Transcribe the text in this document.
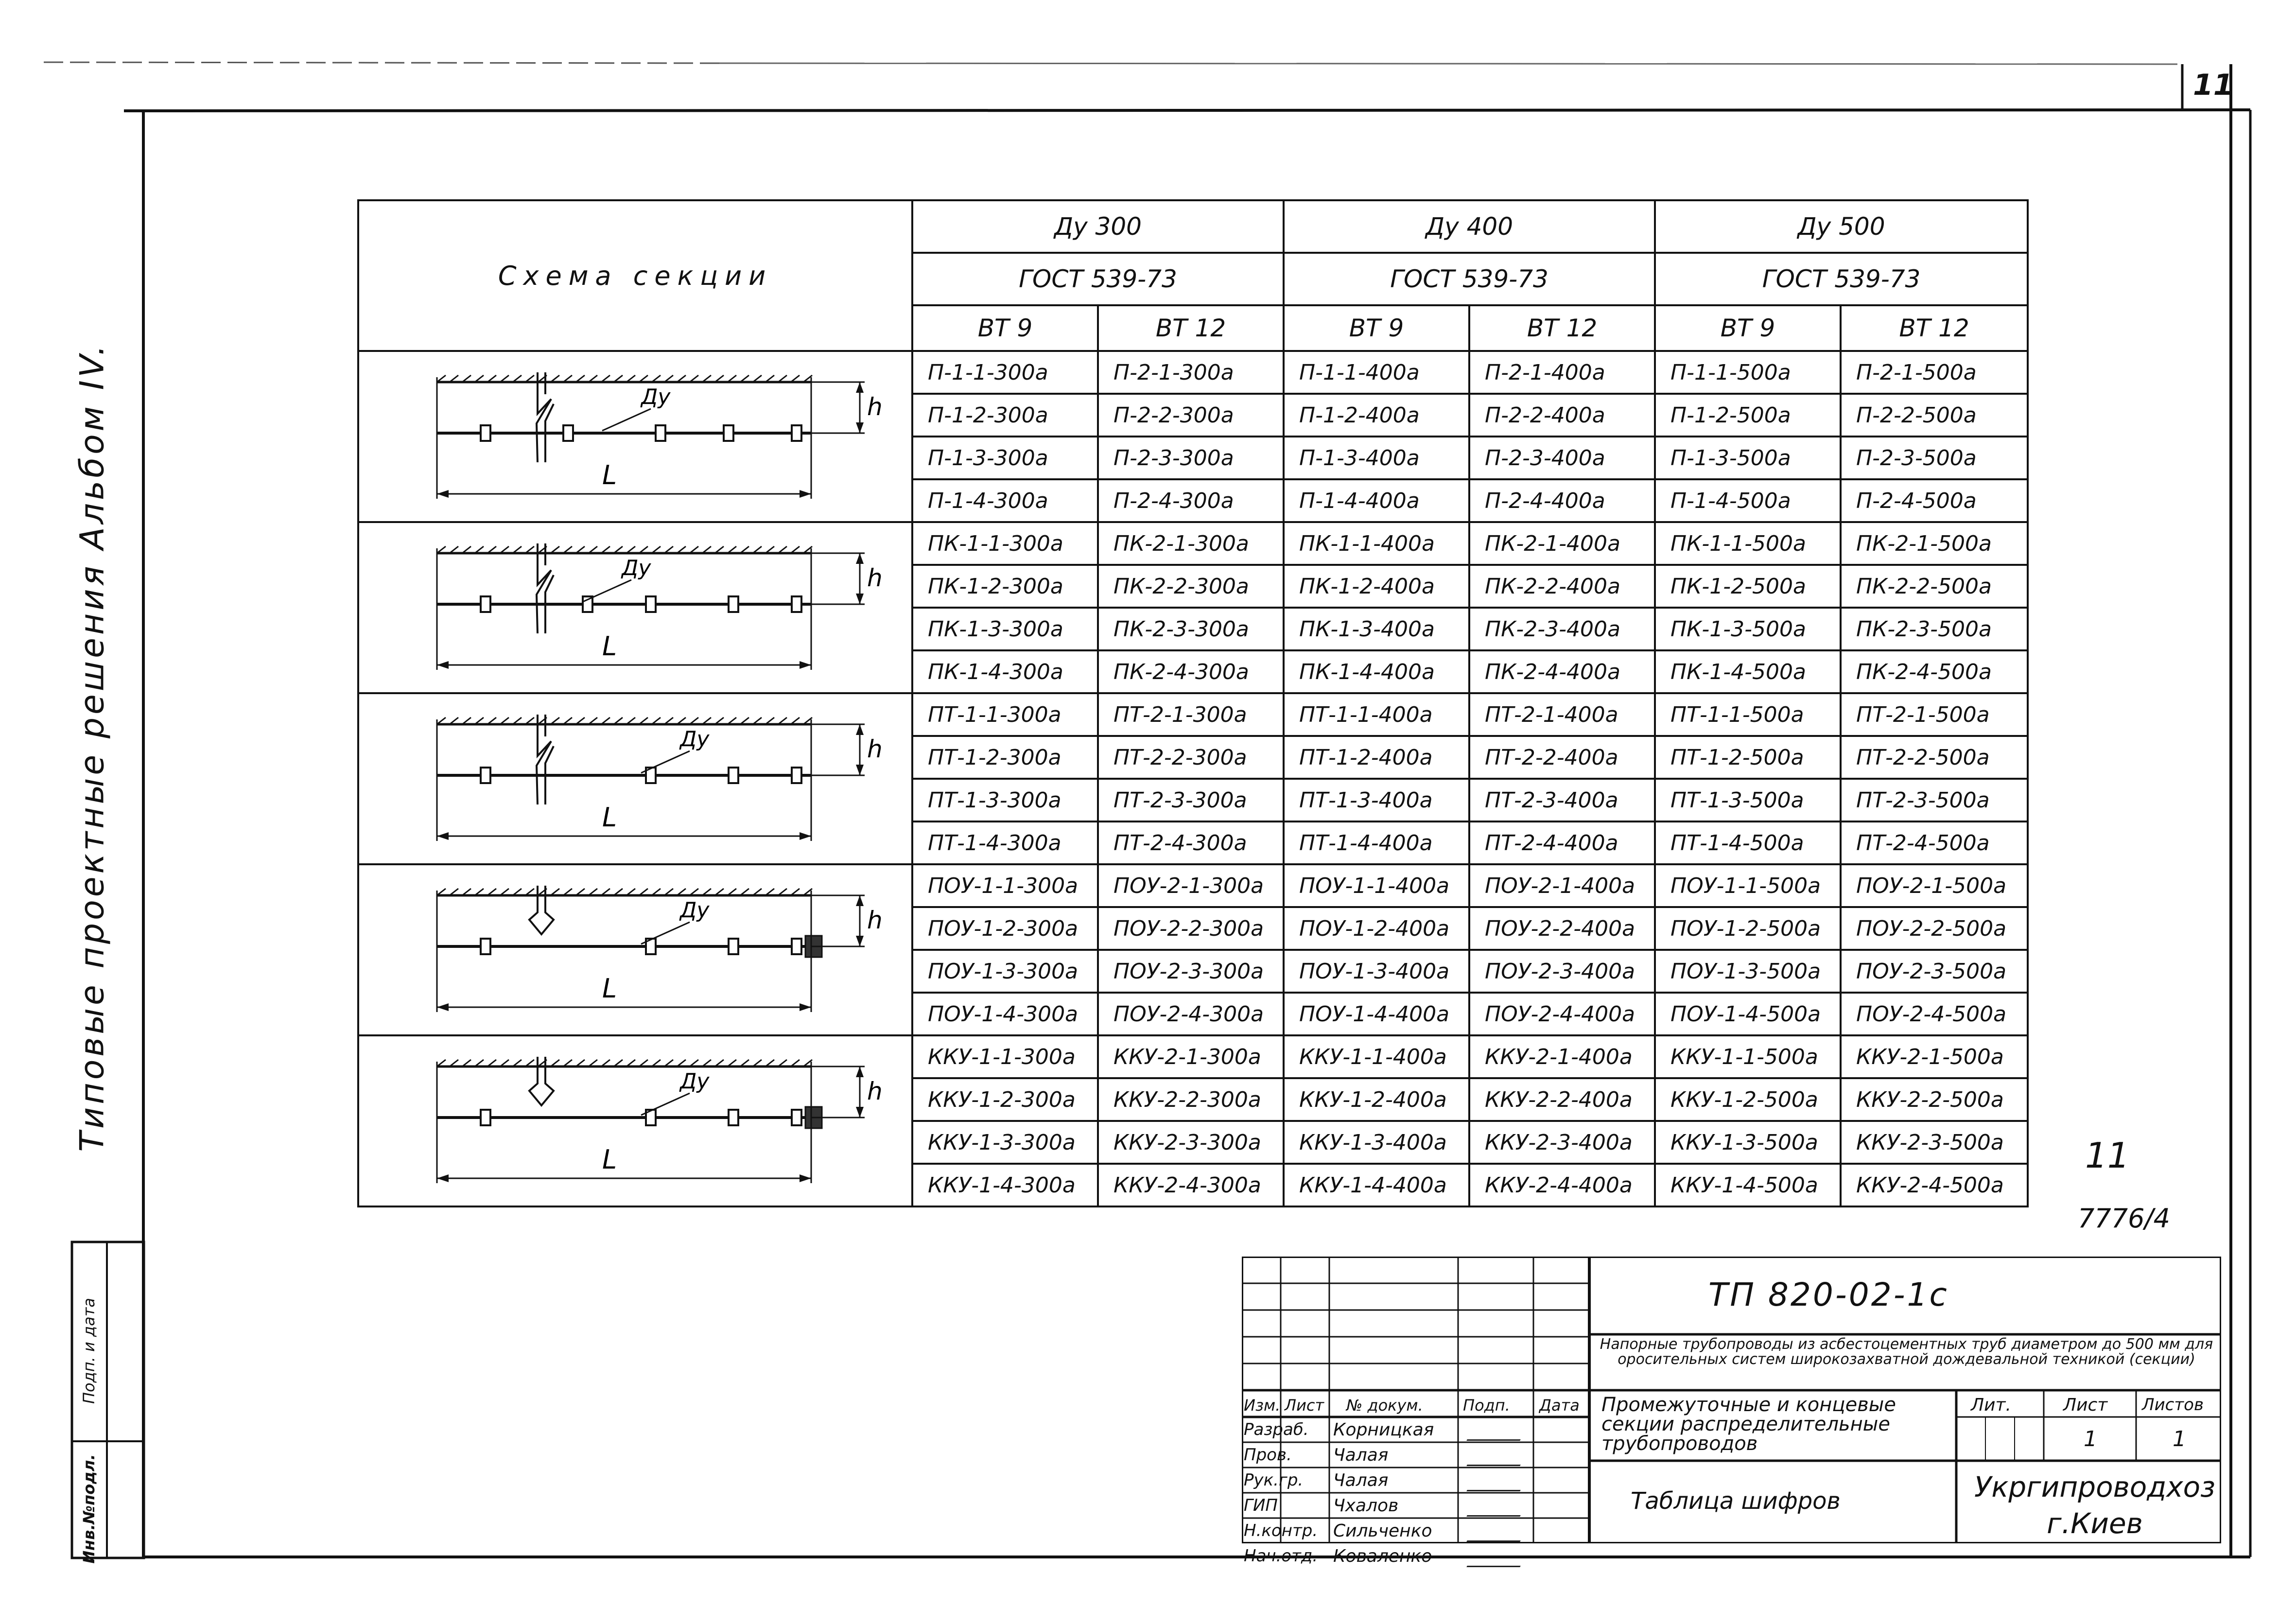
11
Типовые проектные решения Альбом IV.
Инв.№подл.
Подп. и дата
Схема секции	Ду 300		Ду 400		Ду 500	
	ГОСТ 539-73		ГОСТ 539-73		ГОСТ 539-73	
	ВТ 9	ВТ 12	ВТ 9	ВТ 12	ВТ 9	ВТ 12

Ду
L
h	П-1-1-300а	П-2-1-300а	П-1-1-400а	П-2-1-400а	П-1-1-500а	П-2-1-500а
	П-1-2-300а	П-2-2-300а	П-1-2-400а	П-2-2-400а	П-1-2-500а	П-2-2-500а
	П-1-3-300а	П-2-3-300а	П-1-3-400а	П-2-3-400а	П-1-3-500а	П-2-3-500а
	П-1-4-300а	П-2-4-300а	П-1-4-400а	П-2-4-400а	П-1-4-500а	П-2-4-500а

Ду
L
h	ПК-1-1-300а	ПК-2-1-300а	ПК-1-1-400а	ПК-2-1-400а	ПК-1-1-500а	ПК-2-1-500а
	ПК-1-2-300а	ПК-2-2-300а	ПК-1-2-400а	ПК-2-2-400а	ПК-1-2-500а	ПК-2-2-500а
	ПК-1-3-300а	ПК-2-3-300а	ПК-1-3-400а	ПК-2-3-400а	ПК-1-3-500а	ПК-2-3-500а
	ПК-1-4-300а	ПК-2-4-300а	ПК-1-4-400а	ПК-2-4-400а	ПК-1-4-500а	ПК-2-4-500а

Ду
L
h	ПТ-1-1-300а	ПТ-2-1-300а	ПТ-1-1-400а	ПТ-2-1-400а	ПТ-1-1-500а	ПТ-2-1-500а
	ПТ-1-2-300а	ПТ-2-2-300а	ПТ-1-2-400а	ПТ-2-2-400а	ПТ-1-2-500а	ПТ-2-2-500а
	ПТ-1-3-300а	ПТ-2-3-300а	ПТ-1-3-400а	ПТ-2-3-400а	ПТ-1-3-500а	ПТ-2-3-500а
	ПТ-1-4-300а	ПТ-2-4-300а	ПТ-1-4-400а	ПТ-2-4-400а	ПТ-1-4-500а	ПТ-2-4-500а

Ду
L
h	ПОУ-1-1-300а	ПОУ-2-1-300а	ПОУ-1-1-400а	ПОУ-2-1-400а	ПОУ-1-1-500а	ПОУ-2-1-500а
	ПОУ-1-2-300а	ПОУ-2-2-300а	ПОУ-1-2-400а	ПОУ-2-2-400а	ПОУ-1-2-500а	ПОУ-2-2-500а
	ПОУ-1-3-300а	ПОУ-2-3-300а	ПОУ-1-3-400а	ПОУ-2-3-400а	ПОУ-1-3-500а	ПОУ-2-3-500а
	ПОУ-1-4-300а	ПОУ-2-4-300а	ПОУ-1-4-400а	ПОУ-2-4-400а	ПОУ-1-4-500а	ПОУ-2-4-500а

Ду
L
h	ККУ-1-1-300а	ККУ-2-1-300а	ККУ-1-1-400а	ККУ-2-1-400а	ККУ-1-1-500а	ККУ-2-1-500а
	ККУ-1-2-300а	ККУ-2-2-300а	ККУ-1-2-400а	ККУ-2-2-400а	ККУ-1-2-500а	ККУ-2-2-500а
	ККУ-1-3-300а	ККУ-2-3-300а	ККУ-1-3-400а	ККУ-2-3-400а	ККУ-1-3-500а	ККУ-2-3-500а
	ККУ-1-4-300а	ККУ-2-4-300а	ККУ-1-4-400а	ККУ-2-4-400а	ККУ-1-4-500а	ККУ-2-4-500а
11
7776/4
Изм. Лист № докум.	Подп. Дата
Разраб. Корницкая
Пров. Чалая
Рук.гр. Чалая
ГИП	Чхалов
Н.контр. Сильченко
Нач.отд. Коваленко
ТП 820-02-1с
Напорные трубопроводы из асбестоцементных труб диаметром до 500 мм для оросительных систем широкозахватной дождевальной техникой (секции)
Промежуточные и концевые секции распределительные трубопроводов
Лит.	Лист Листов
1	1
Таблица шифров	Укргипроводхоз
г.Киев
